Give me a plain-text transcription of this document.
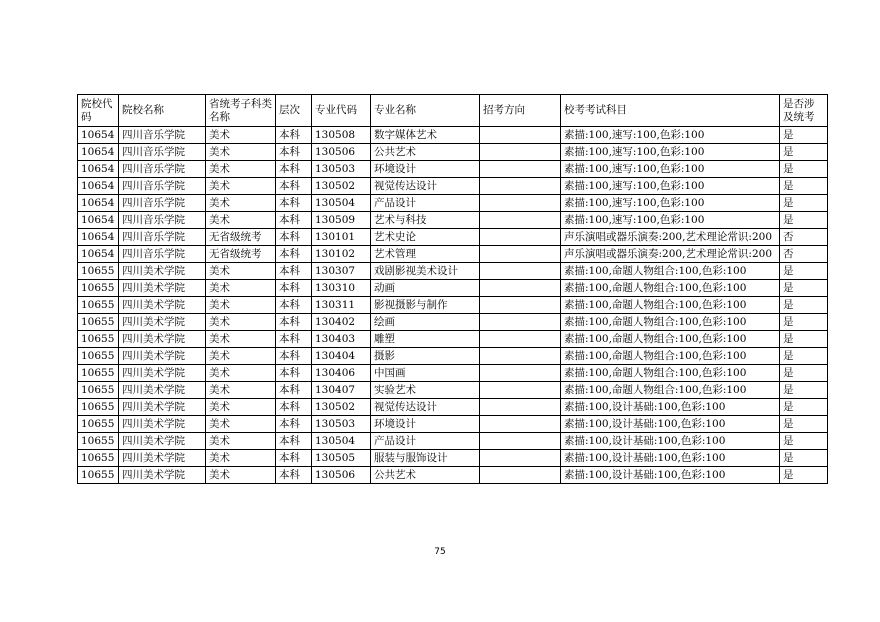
院校代码	院校名称	省统考子科类名称	层次	专业代码	专业名称	招考方向	校考考试科目	是否涉及统考
10654	四川音乐学院	美术	本科	130508	数字媒体艺术		素描:100,速写:100,色彩:100	是
10654	四川音乐学院	美术	本科	130506	公共艺术		素描:100,速写:100,色彩:100	是
10654	四川音乐学院	美术	本科	130503	环境设计		素描:100,速写:100,色彩:100	是
10654	四川音乐学院	美术	本科	130502	视觉传达设计		素描:100,速写:100,色彩:100	是
10654	四川音乐学院	美术	本科	130504	产品设计		素描:100,速写:100,色彩:100	是
10654	四川音乐学院	美术	本科	130509	艺术与科技		素描:100,速写:100,色彩:100	是
10654	四川音乐学院	无省级统考	本科	130101	艺术史论		声乐演唱或器乐演奏:200,艺术理论常识:200	否
10654	四川音乐学院	无省级统考	本科	130102	艺术管理		声乐演唱或器乐演奏:200,艺术理论常识:200	否
10655	四川美术学院	美术	本科	130307	戏剧影视美术设计		素描:100,命题人物组合:100,色彩:100	是
10655	四川美术学院	美术	本科	130310	动画		素描:100,命题人物组合:100,色彩:100	是
10655	四川美术学院	美术	本科	130311	影视摄影与制作		素描:100,命题人物组合:100,色彩:100	是
10655	四川美术学院	美术	本科	130402	绘画		素描:100,命题人物组合:100,色彩:100	是
10655	四川美术学院	美术	本科	130403	雕塑		素描:100,命题人物组合:100,色彩:100	是
10655	四川美术学院	美术	本科	130404	摄影		素描:100,命题人物组合:100,色彩:100	是
10655	四川美术学院	美术	本科	130406	中国画		素描:100,命题人物组合:100,色彩:100	是
10655	四川美术学院	美术	本科	130407	实验艺术		素描:100,命题人物组合:100,色彩:100	是
10655	四川美术学院	美术	本科	130502	视觉传达设计		素描:100,设计基础:100,色彩:100	是
10655	四川美术学院	美术	本科	130503	环境设计		素描:100,设计基础:100,色彩:100	是
10655	四川美术学院	美术	本科	130504	产品设计		素描:100,设计基础:100,色彩:100	是
10655	四川美术学院	美术	本科	130505	服装与服饰设计		素描:100,设计基础:100,色彩:100	是
10655	四川美术学院	美术	本科	130506	公共艺术		素描:100,设计基础:100,色彩:100	是
75
